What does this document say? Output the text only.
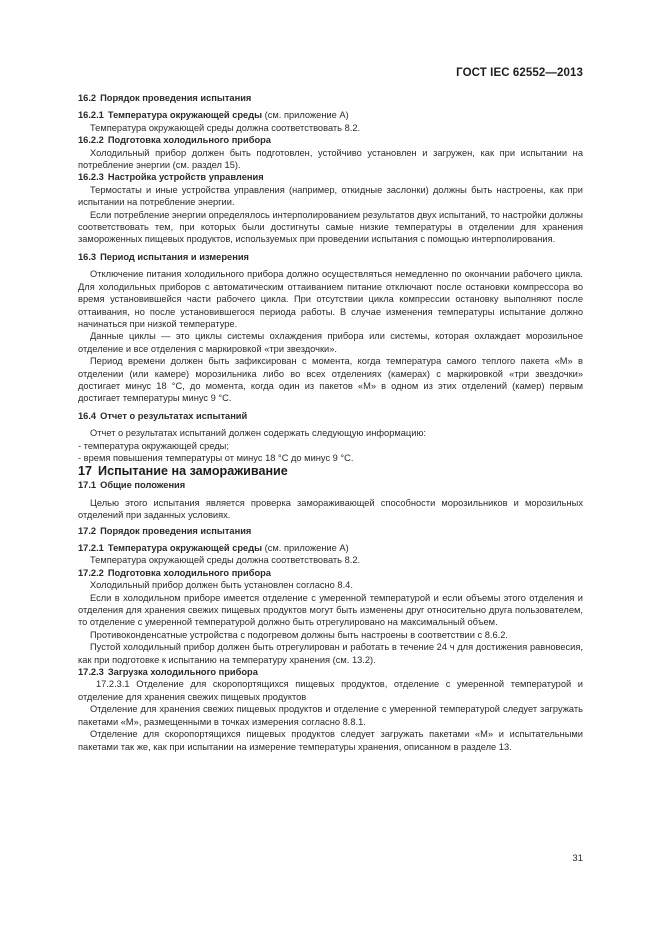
ГОСТ IEC 62552—2013

16.2 Порядок проведения испытания

16.2.1 Температура окружающей среды (см. приложение А)

Температура окружающей среды должна соответствовать 8.2.

16.2.2 Подготовка холодильного прибора

Холодильный прибор должен быть подготовлен, устойчиво установлен и загружен, как при испытании на потребление энергии (см. раздел 15).

16.2.3 Настройка устройств управления

Термостаты и иные устройства управления (например, откидные заслонки) должны быть настроены, как при испытании на потребление энергии.

Если потребление энергии определялось интерполированием результатов двух испытаний, то настройки должны соответствовать тем, при которых были достигнуты самые низкие температуры в отделении для хранения замороженных пищевых продуктов, используемых при проведении испытания с помощью интерполирования.

16.3 Период испытания и измерения

Отключение питания холодильного прибора должно осуществляться немедленно по окончании рабочего цикла. Для холодильных приборов с автоматическим оттаиванием питание отключают после остановки компрессора во время установившейся части рабочего цикла. При отсутствии цикла компрессии остановку выполняют после оттаивания, но после установившегося периода работы. В случае изменения температуры испытание должно начинаться при низкой температуре.

Данные циклы — это циклы системы охлаждения прибора или системы, которая охлаждает морозильное отделение и все отделения с маркировкой «три звездочки».

Период времени должен быть зафиксирован с момента, когда температура самого теплого пакета «М» в отделении (или камере) морозильника либо во всех отделениях (камерах) с маркировкой «три звездочки» достигает минус 18 °С, до момента, когда один из пакетов «М» в одном из этих отделений (камер) первым достигает температуры минус 9 °С.

16.4 Отчет о результатах испытаний

Отчет о результатах испытаний должен содержать следующую информацию:

- температура окружающей среды;

- время повышения температуры от минус 18 °С до минус 9 °С.

17 Испытание на замораживание

17.1 Общие положения

Целью этого испытания является проверка замораживающей способности морозильников и морозильных отделений при заданных условиях.

17.2 Порядок проведения испытания

17.2.1 Температура окружающей среды (см. приложение А)

Температура окружающей среды должна соответствовать 8.2.

17.2.2 Подготовка холодильного прибора

Холодильный прибор должен быть установлен согласно 8.4.

Если в холодильном приборе имеется отделение с умеренной температурой и если объемы этого отделения и отделения для хранения свежих пищевых продуктов могут быть изменены друг относительно друга пользователем, то отделение с умеренной температурой должно быть отрегулировано на максимальный объем.

Противоконденсатные устройства с подогревом должны быть настроены в соответствии с 8.6.2.

Пустой холодильный прибор должен быть отрегулирован и работать в течение 24 ч для достижения равновесия, как при подготовке к испытанию на температуру хранения (см. 13.2).

17.2.3 Загрузка холодильного прибора

17.2.3.1 Отделение для скоропортящихся пищевых продуктов, отделение с умеренной температурой и отделение для хранения свежих пищевых продуктов

Отделение для хранения свежих пищевых продуктов и отделение с умеренной температурой следует загружать пакетами «М», размещенными в точках измерения согласно 8.8.1.

Отделение для скоропортящихся пищевых продуктов следует загружать пакетами «М» и испытательными пакетами так же, как при испытании на измерение температуры хранения, описанном в разделе 13.

31
